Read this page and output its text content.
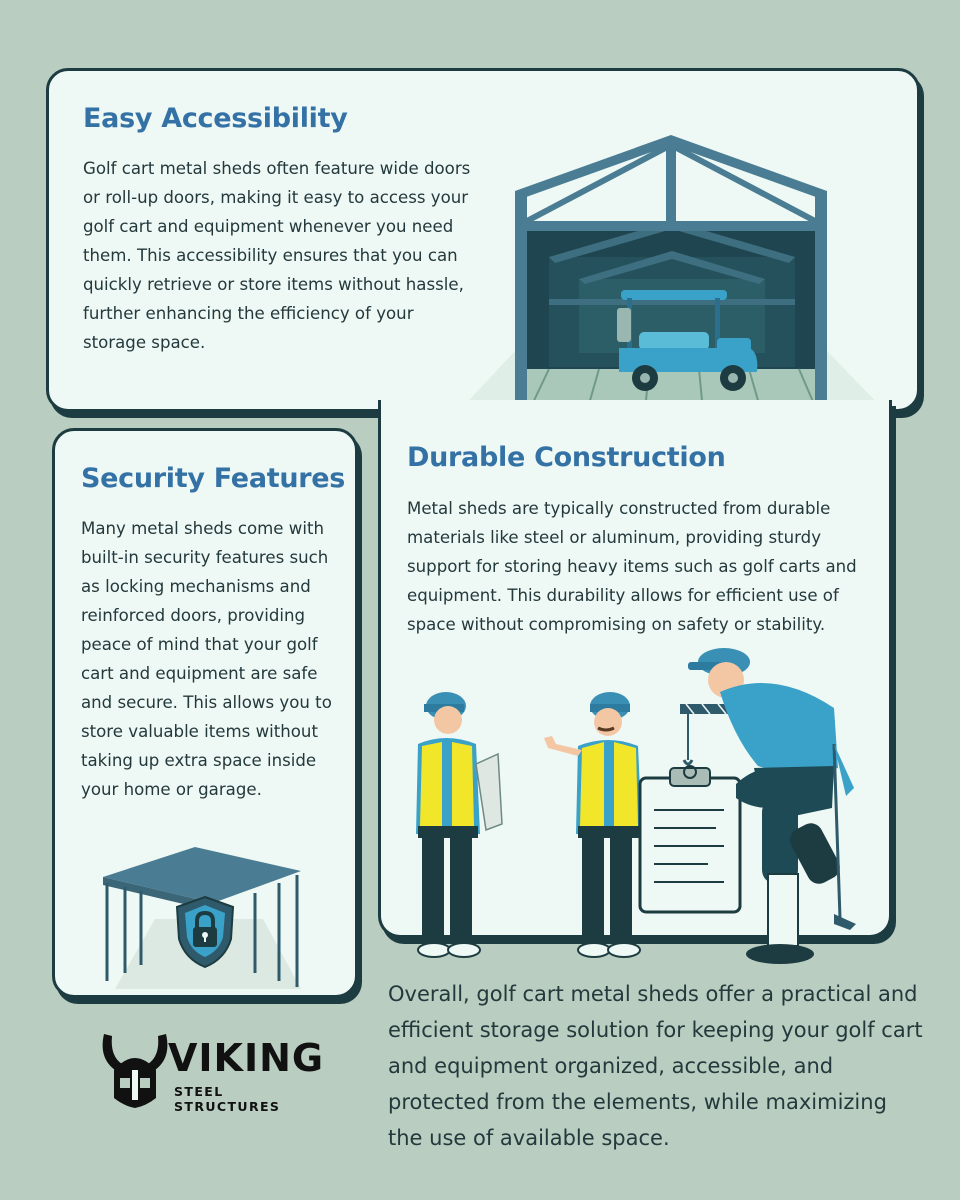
Easy Accessibility

Golf cart metal sheds often feature wide doors or roll-up doors, making it easy to access your golf cart and equipment whenever you need them. This accessibility ensures that you can quickly retrieve or store items without hassle, further enhancing the efficiency of your storage space.

Security Features

Many metal sheds come with built-in security features such as locking mechanisms and reinforced doors, providing peace of mind that your golf cart and equipment are safe and secure. This allows you to store valuable items without taking up extra space inside your home or garage.

Durable Construction

Metal sheds are typically constructed from durable materials like steel or aluminum, providing sturdy support for storing heavy items such as golf carts and equipment. This durability allows for efficient use of space without compromising on safety or stability.

Overall, golf cart metal sheds offer a practical and efficient storage solution for keeping your golf cart and equipment organized, accessible, and protected from the elements, while maximizing the use of available space.

VIKING
STEEL STRUCTURES
